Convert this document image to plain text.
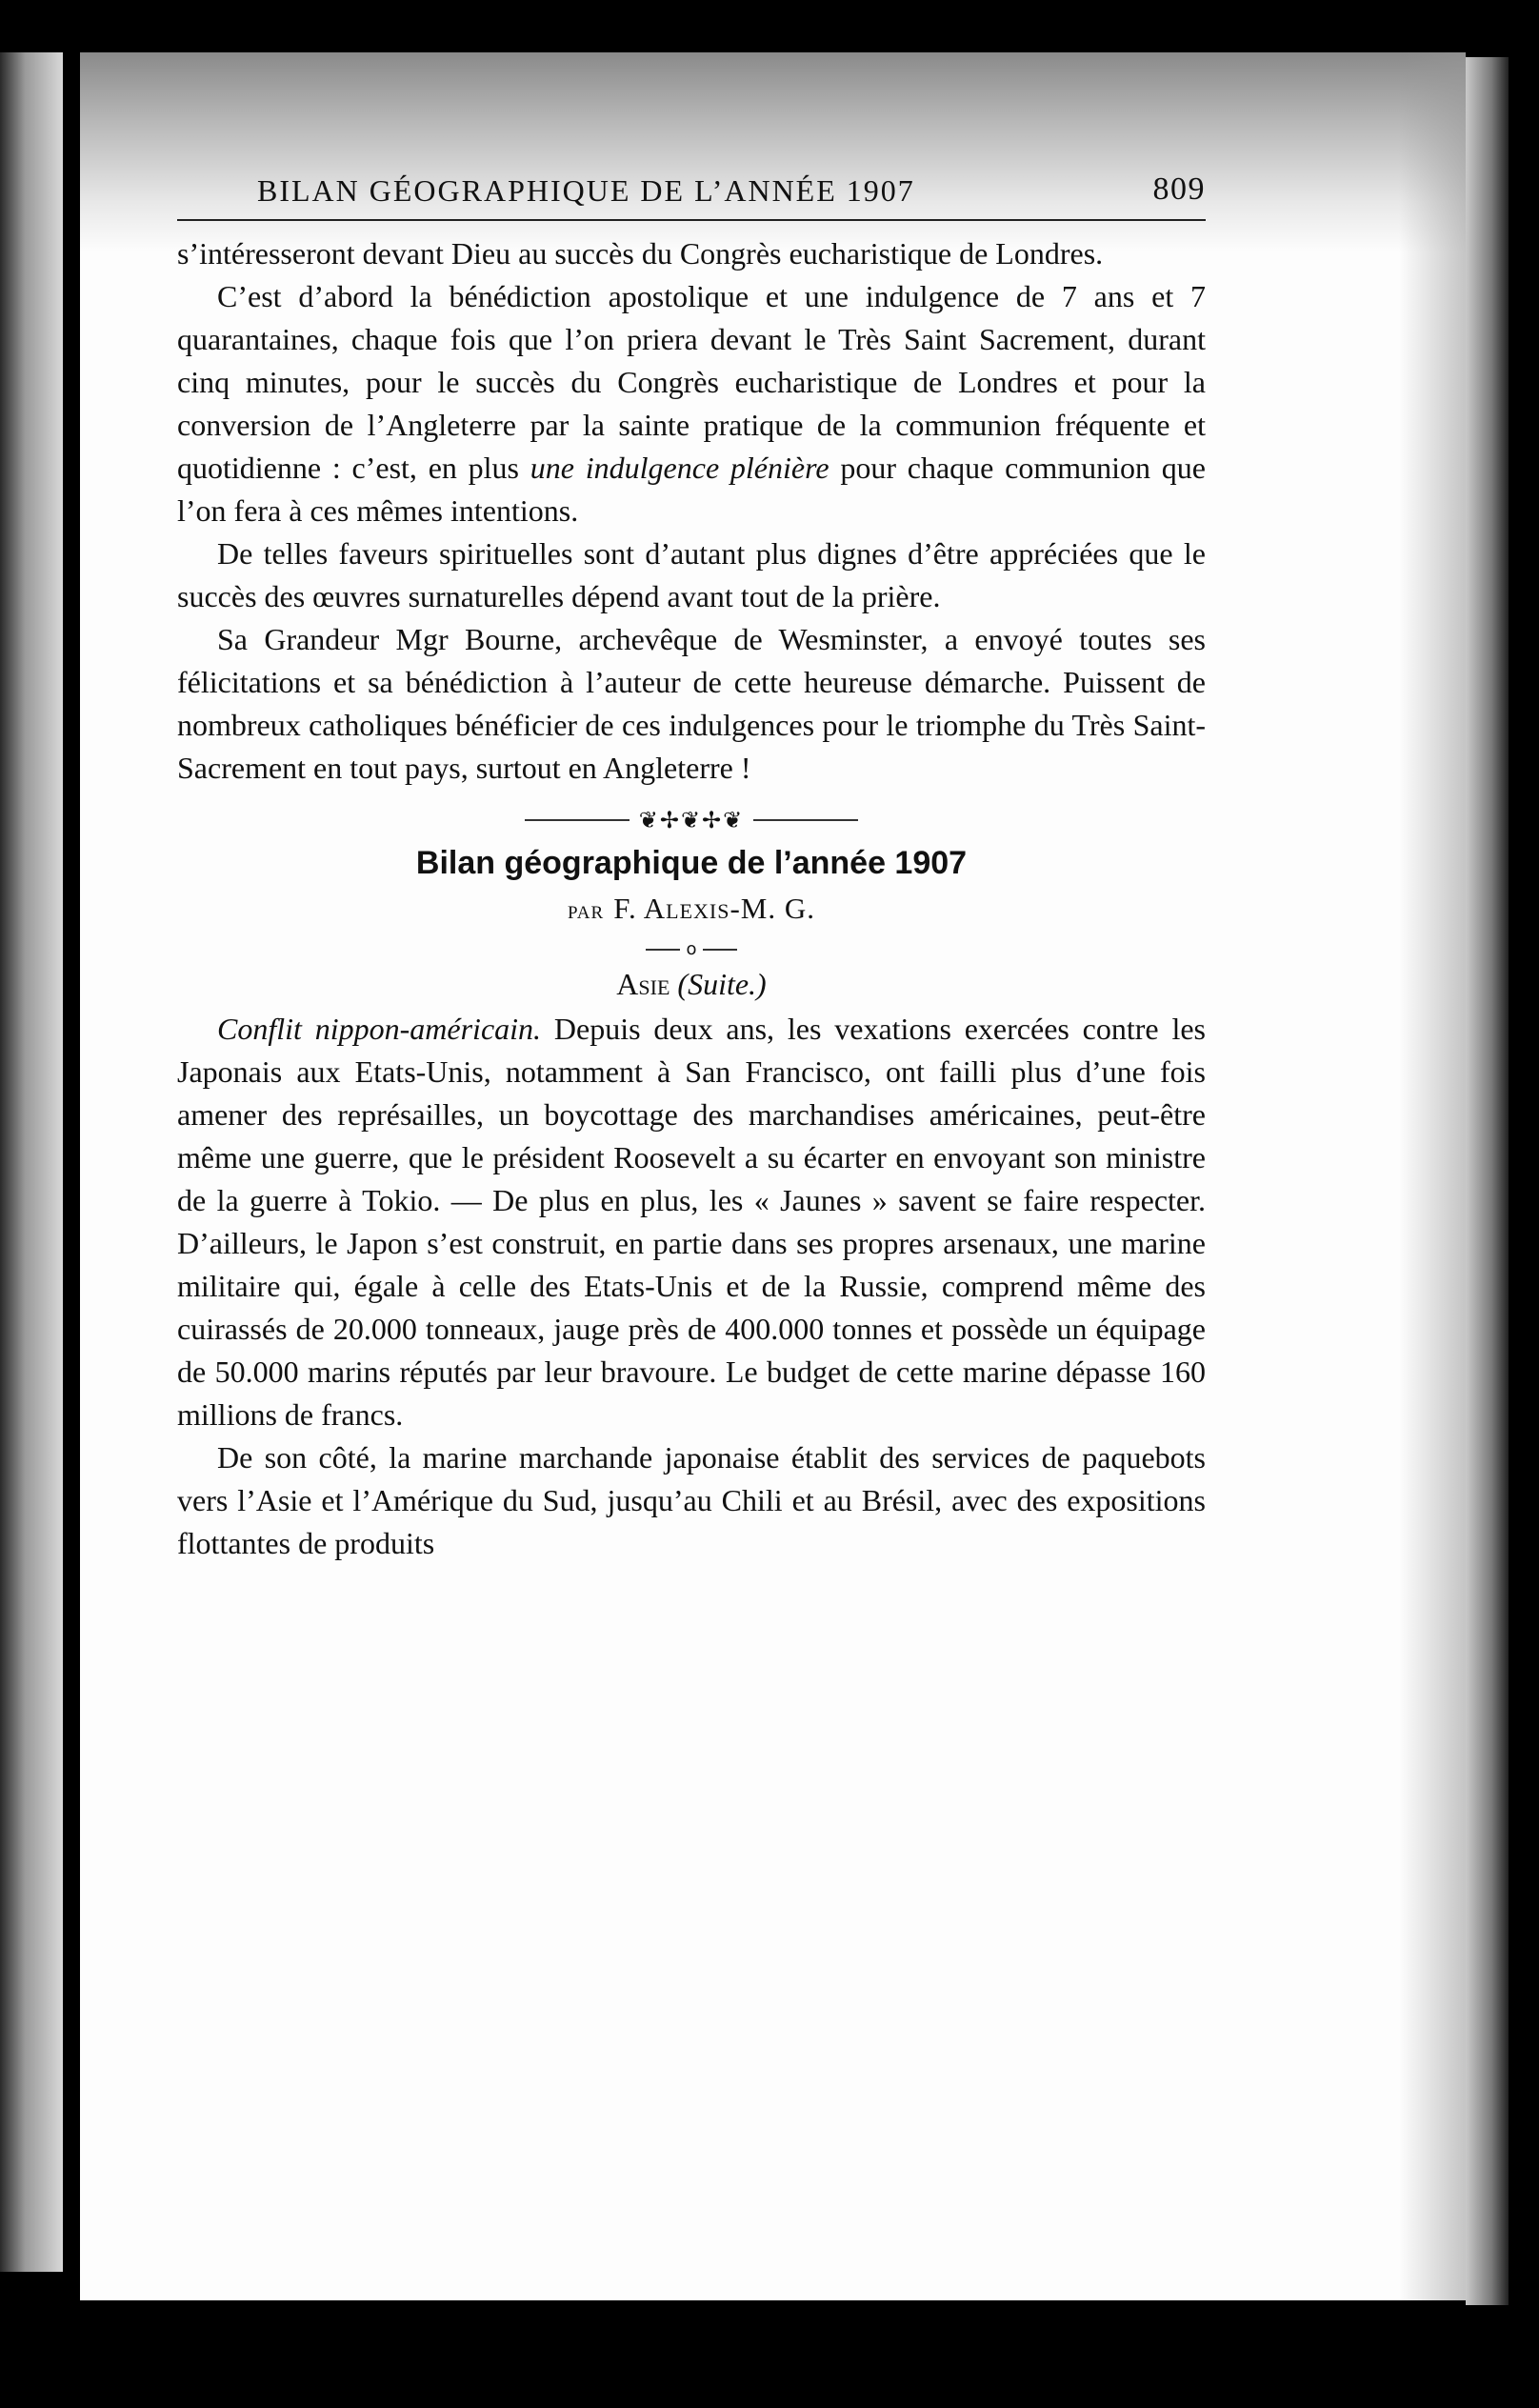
BILAN GÉOGRAPHIQUE DE L’ANNÉE 1907	809

s’intéresseront devant Dieu au succès du Congrès eucharistique de Londres.

C’est d’abord la bénédiction apostolique et une indulgence de 7 ans et 7 quarantaines, chaque fois que l’on priera devant le Très Saint Sacrement, durant cinq minutes, pour le succès du Congrès eucharistique de Londres et pour la conversion de l’Angleterre par la sainte pratique de la communion fréquente et quotidienne : c’est, en plus une indulgence plénière pour chaque communion que l’on fera à ces mêmes intentions.

De telles faveurs spirituelles sont d’autant plus dignes d’être appréciées que le succès des œuvres surnaturelles dépend avant tout de la prière.

Sa Grandeur Mgr Bourne, archevêque de Wesminster, a envoyé toutes ses félicitations et sa bénédiction à l’auteur de cette heureuse démarche. Puissent de nombreux catholiques bénéficier de ces indulgences pour le triomphe du Très Saint-Sacrement en tout pays, surtout en Angleterre !

❦✢❦✢❦
Bilan géographique de l’année 1907
par F. Alexis-M. G.
o
Asie (Suite.)

Conflit nippon-américain. Depuis deux ans, les vexations exercées contre les Japonais aux Etats-Unis, notamment à San Francisco, ont failli plus d’une fois amener des représailles, un boycottage des marchandises américaines, peut-être même une guerre, que le président Roosevelt a su écarter en envoyant son ministre de la guerre à Tokio. — De plus en plus, les « Jaunes » savent se faire respecter. D’ailleurs, le Japon s’est construit, en partie dans ses propres arsenaux, une marine militaire qui, égale à celle des Etats-Unis et de la Russie, comprend même des cuirassés de 20.000 tonneaux, jauge près de 400.000 tonnes et possède un équipage de 50.000 marins réputés par leur bravoure. Le budget de cette marine dépasse 160 millions de francs.

De son côté, la marine marchande japonaise établit des services de paquebots vers l’Asie et l’Amérique du Sud, jusqu’au Chili et au Brésil, avec des expositions flottantes de produits
